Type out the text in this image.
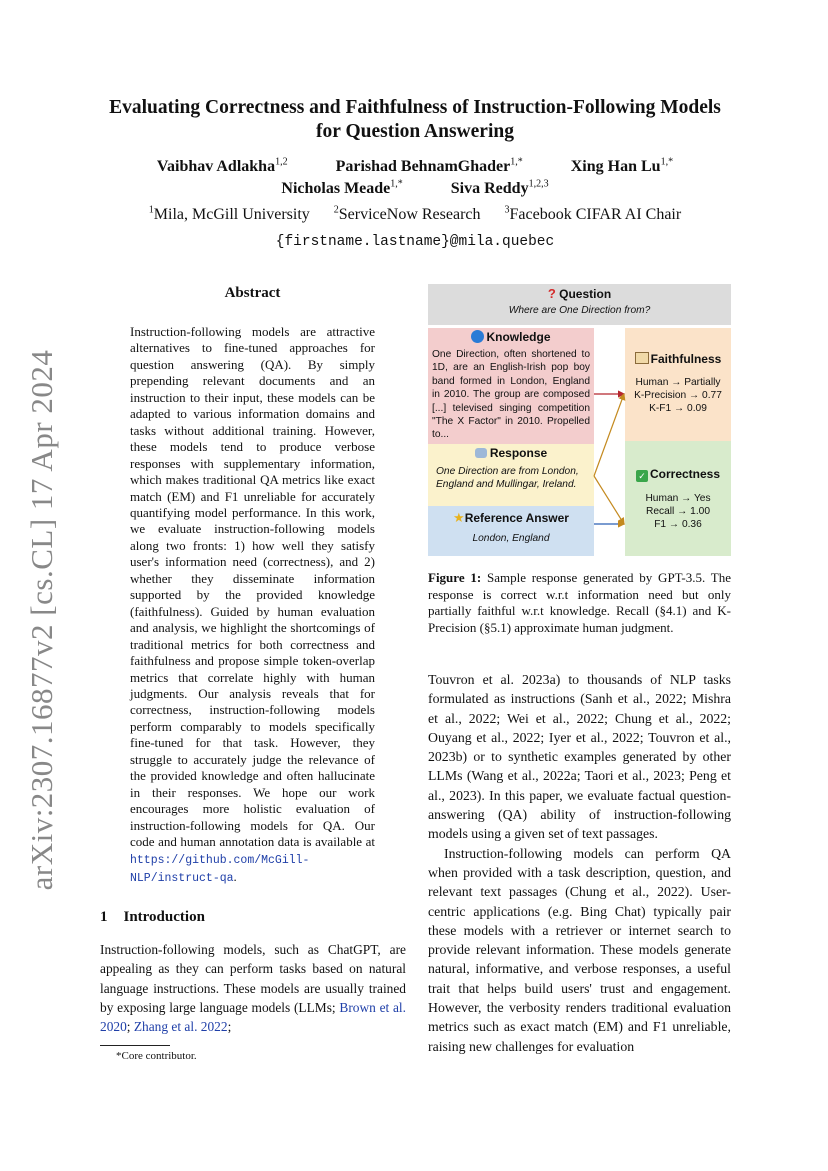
arXiv:2307.16877v2 [cs.CL] 17 Apr 2024
Evaluating Correctness and Faithfulness of Instruction-Following Models
for Question Answering
Vaibhav Adlakha$^{1,2}$	Parishad BehnamGhader$^{1,*}$	Xing Han $Lu^{1,*}$
Nicholas Meade$^{1,*}$	Siva Reddy$^{1,2,3}$
$^1$Mila, McGill University $^2$ServiceNow Research $^3$Facebook CIFAR AI Chair
{firstname.lastname}@mila.quebec
Abstract
Instruction-following models are attractive alternatives to fine-tuned approaches for question answering (QA). By simply prepending relevant documents and an instruction to their input, these models can be adapted to various information domains and tasks without additional training. However, these models tend to produce verbose responses with supplementary information, which makes traditional QA metrics like exact match (EM) and F1 unreliable for accurately quantifying model performance. In this work, we evaluate instruction-following models along two fronts: 1) how well they satisfy user's information need (correctness), and 2) whether they disseminate information supported by the provided knowledge (faithfulness). Guided by human evaluation and analysis, we highlight the shortcomings of traditional metrics for both correctness and faithfulness and propose simple token-overlap metrics that correlate highly with human judgments. Our analysis reveals that for correctness, instruction-following models perform comparably to models specifically fine-tuned for that task. However, they struggle to accurately judge the relevance of the provided knowledge and often hallucinate in their responses. We hope our work encourages more holistic evaluation of instruction-following models for QA. Our code and human annotation data is available at https://github.com/McGill-NLP/instruct-qa.
1 Introduction
Instruction-following models, such as ChatGPT, are appealing as they can perform tasks based on natural language instructions. These models are usually trained by exposing large language models (LLMs; Brown et al. 2020; Zhang et al. 2022;
*Core contributor.
? Question
Where are One Direction from?
Knowledge
One Direction, often shortened to 1D, are an English-Irish pop boy band formed in London, England in 2010. The group are composed [...] televised singing competition "The X Factor" in 2010. Propelled to...
Response
One Direction are from London, England and Mullingar, Ireland.
★Reference Answer
London, England
Faithfulness
Human → Partially
K-Precision → 0.77
K-F1 → 0.09
✓ Correctness
Human → Yes
Recall → 1.00
F1 → 0.36
Figure 1: Sample response generated by GPT-3.5. The response is correct w.r.t information need but only partially faithful w.r.t knowledge. Recall (§4.1) and K-Precision (§5.1) approximate human judgment.
Touvron et al. 2023a) to thousands of NLP tasks formulated as instructions (Sanh et al., 2022; Mishra et al., 2022; Wei et al., 2022; Chung et al., 2022; Ouyang et al., 2022; Iyer et al., 2022; Touvron et al., 2023b) or to synthetic examples generated by other LLMs (Wang et al., 2022a; Taori et al., 2023; Peng et al., 2023). In this paper, we evaluate factual question-answering (QA) ability of instruction-following models using a given set of text passages.
Instruction-following models can perform QA when provided with a task description, question, and relevant text passages (Chung et al., 2022). User-centric applications (e.g. Bing Chat) typically pair these models with a retriever or internet search to provide relevant information. These models generate natural, informative, and verbose responses, a useful trait that helps build users' trust and engagement. However, the verbosity renders traditional evaluation metrics such as exact match (EM) and F1 unreliable, raising new challenges for evaluation
